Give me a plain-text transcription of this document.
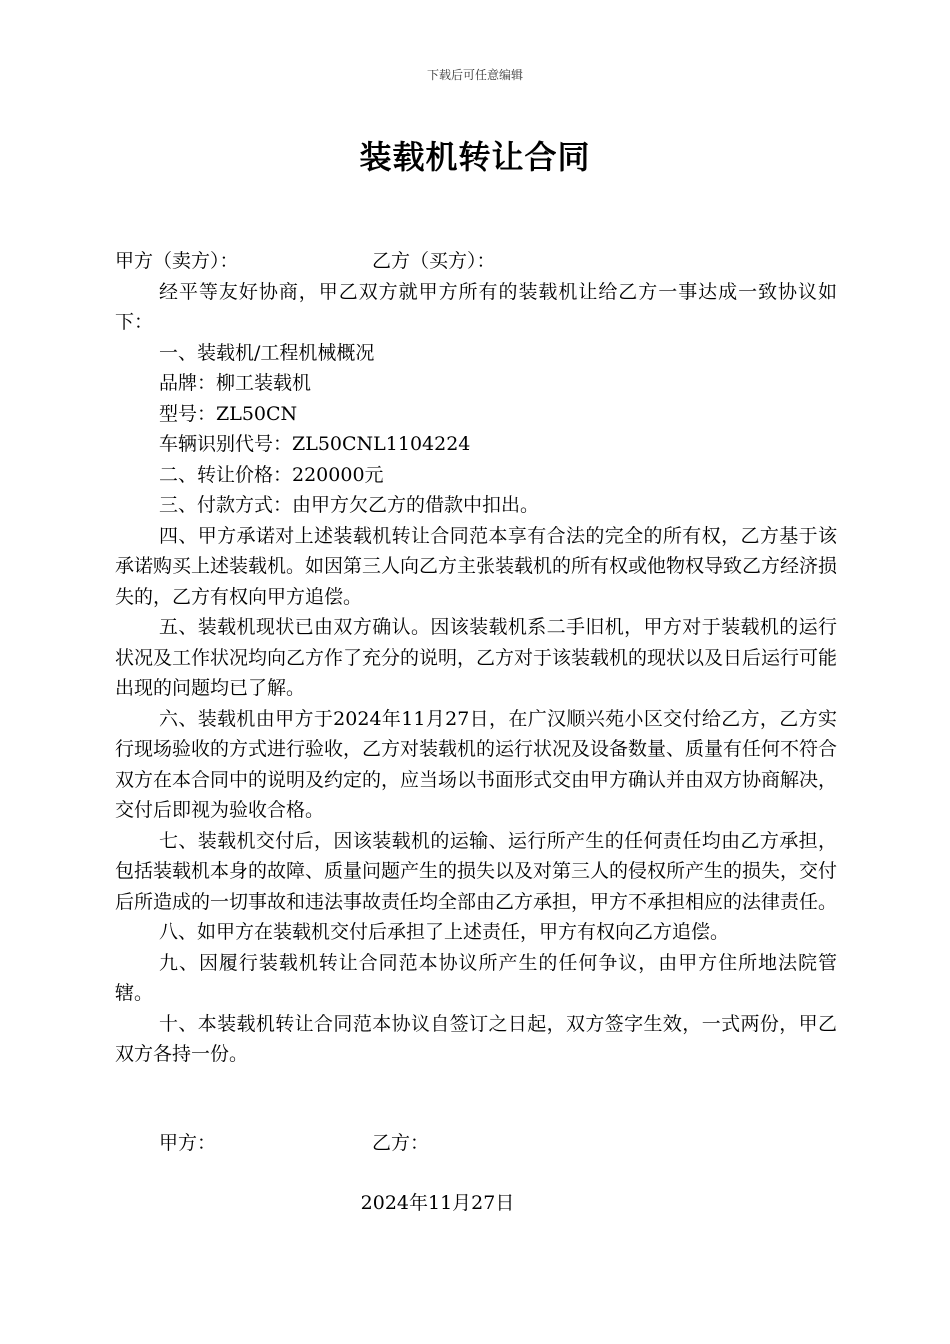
下载后可任意编辑
装载机转让合同
甲方（卖方）：	乙方（买方）：

经平等友好协商，甲乙双方就甲方所有的装载机让给乙方一事达成一致协议如下：

一、装载机/工程机械概况

品牌：柳工装载机

型号：ZL50CN

车辆识别代号：ZL50CNL1104224

二、转让价格：220000元

三、付款方式：由甲方欠乙方的借款中扣出。

四、甲方承诺对上述装载机转让合同范本享有合法的完全的所有权，乙方基于该承诺购买上述装载机。如因第三人向乙方主张装载机的所有权或他物权导致乙方经济损失的，乙方有权向甲方追偿。

五、装载机现状已由双方确认。因该装载机系二手旧机，甲方对于装载机的运行状况及工作状况均向乙方作了充分的说明，乙方对于该装载机的现状以及日后运行可能出现的问题均已了解。

六、装载机由甲方于2024年11月27日，在广汉顺兴苑小区交付给乙方，乙方实行现场验收的方式进行验收，乙方对装载机的运行状况及设备数量、质量有任何不符合双方在本合同中的说明及约定的，应当场以书面形式交由甲方确认并由双方协商解决，交付后即视为验收合格。

七、装载机交付后，因该装载机的运输、运行所产生的任何责任均由乙方承担，包括装载机本身的故障、质量问题产生的损失以及对第三人的侵权所产生的损失，交付后所造成的一切事故和违法事故责任均全部由乙方承担，甲方不承担相应的法律责任。

八、如甲方在装载机交付后承担了上述责任，甲方有权向乙方追偿。

九、因履行装载机转让合同范本协议所产生的任何争议，由甲方住所地法院管辖。

十、本装载机转让合同范本协议自签订之日起，双方签字生效，一式两份，甲乙双方各持一份。

甲方：	乙方：
2024年11月27日
